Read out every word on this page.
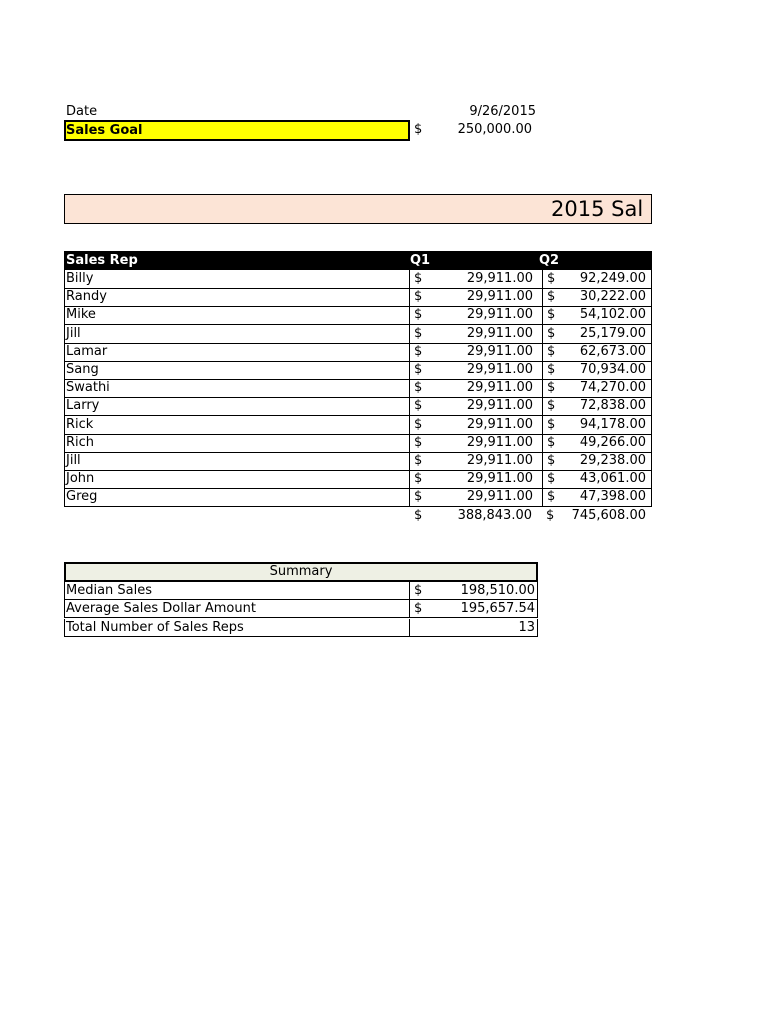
Date	9/26/2015
Sales Goal	$	250,000.00
2015 Sal
Sales Rep	Q1	Q2
Billy	$	29,911.00 $ 92,249.00
Randy	$	29,911.00 $ 30,222.00
Mike	$	29,911.00 $ 54,102.00
Jill	$	29,911.00 $ 25,179.00
Lamar	$	29,911.00 $ 62,673.00
Sang	$	29,911.00 $ 70,934.00
Swathi	$	29,911.00 $ 74,270.00
Larry	$	29,911.00 $ 72,838.00
Rick	$	29,911.00 $ 94,178.00
Rich	$	29,911.00 $ 49,266.00
Jill	$	29,911.00 $ 29,238.00
John	$	29,911.00 $ 43,061.00
Greg	$	29,911.00 $ 47,398.00
$	388,843.00 $	745,608.00
Summary
Median Sales	$	198,510.00
Average Sales Dollar Amount	$	195,657.54
Total Number of Sales Reps	13
